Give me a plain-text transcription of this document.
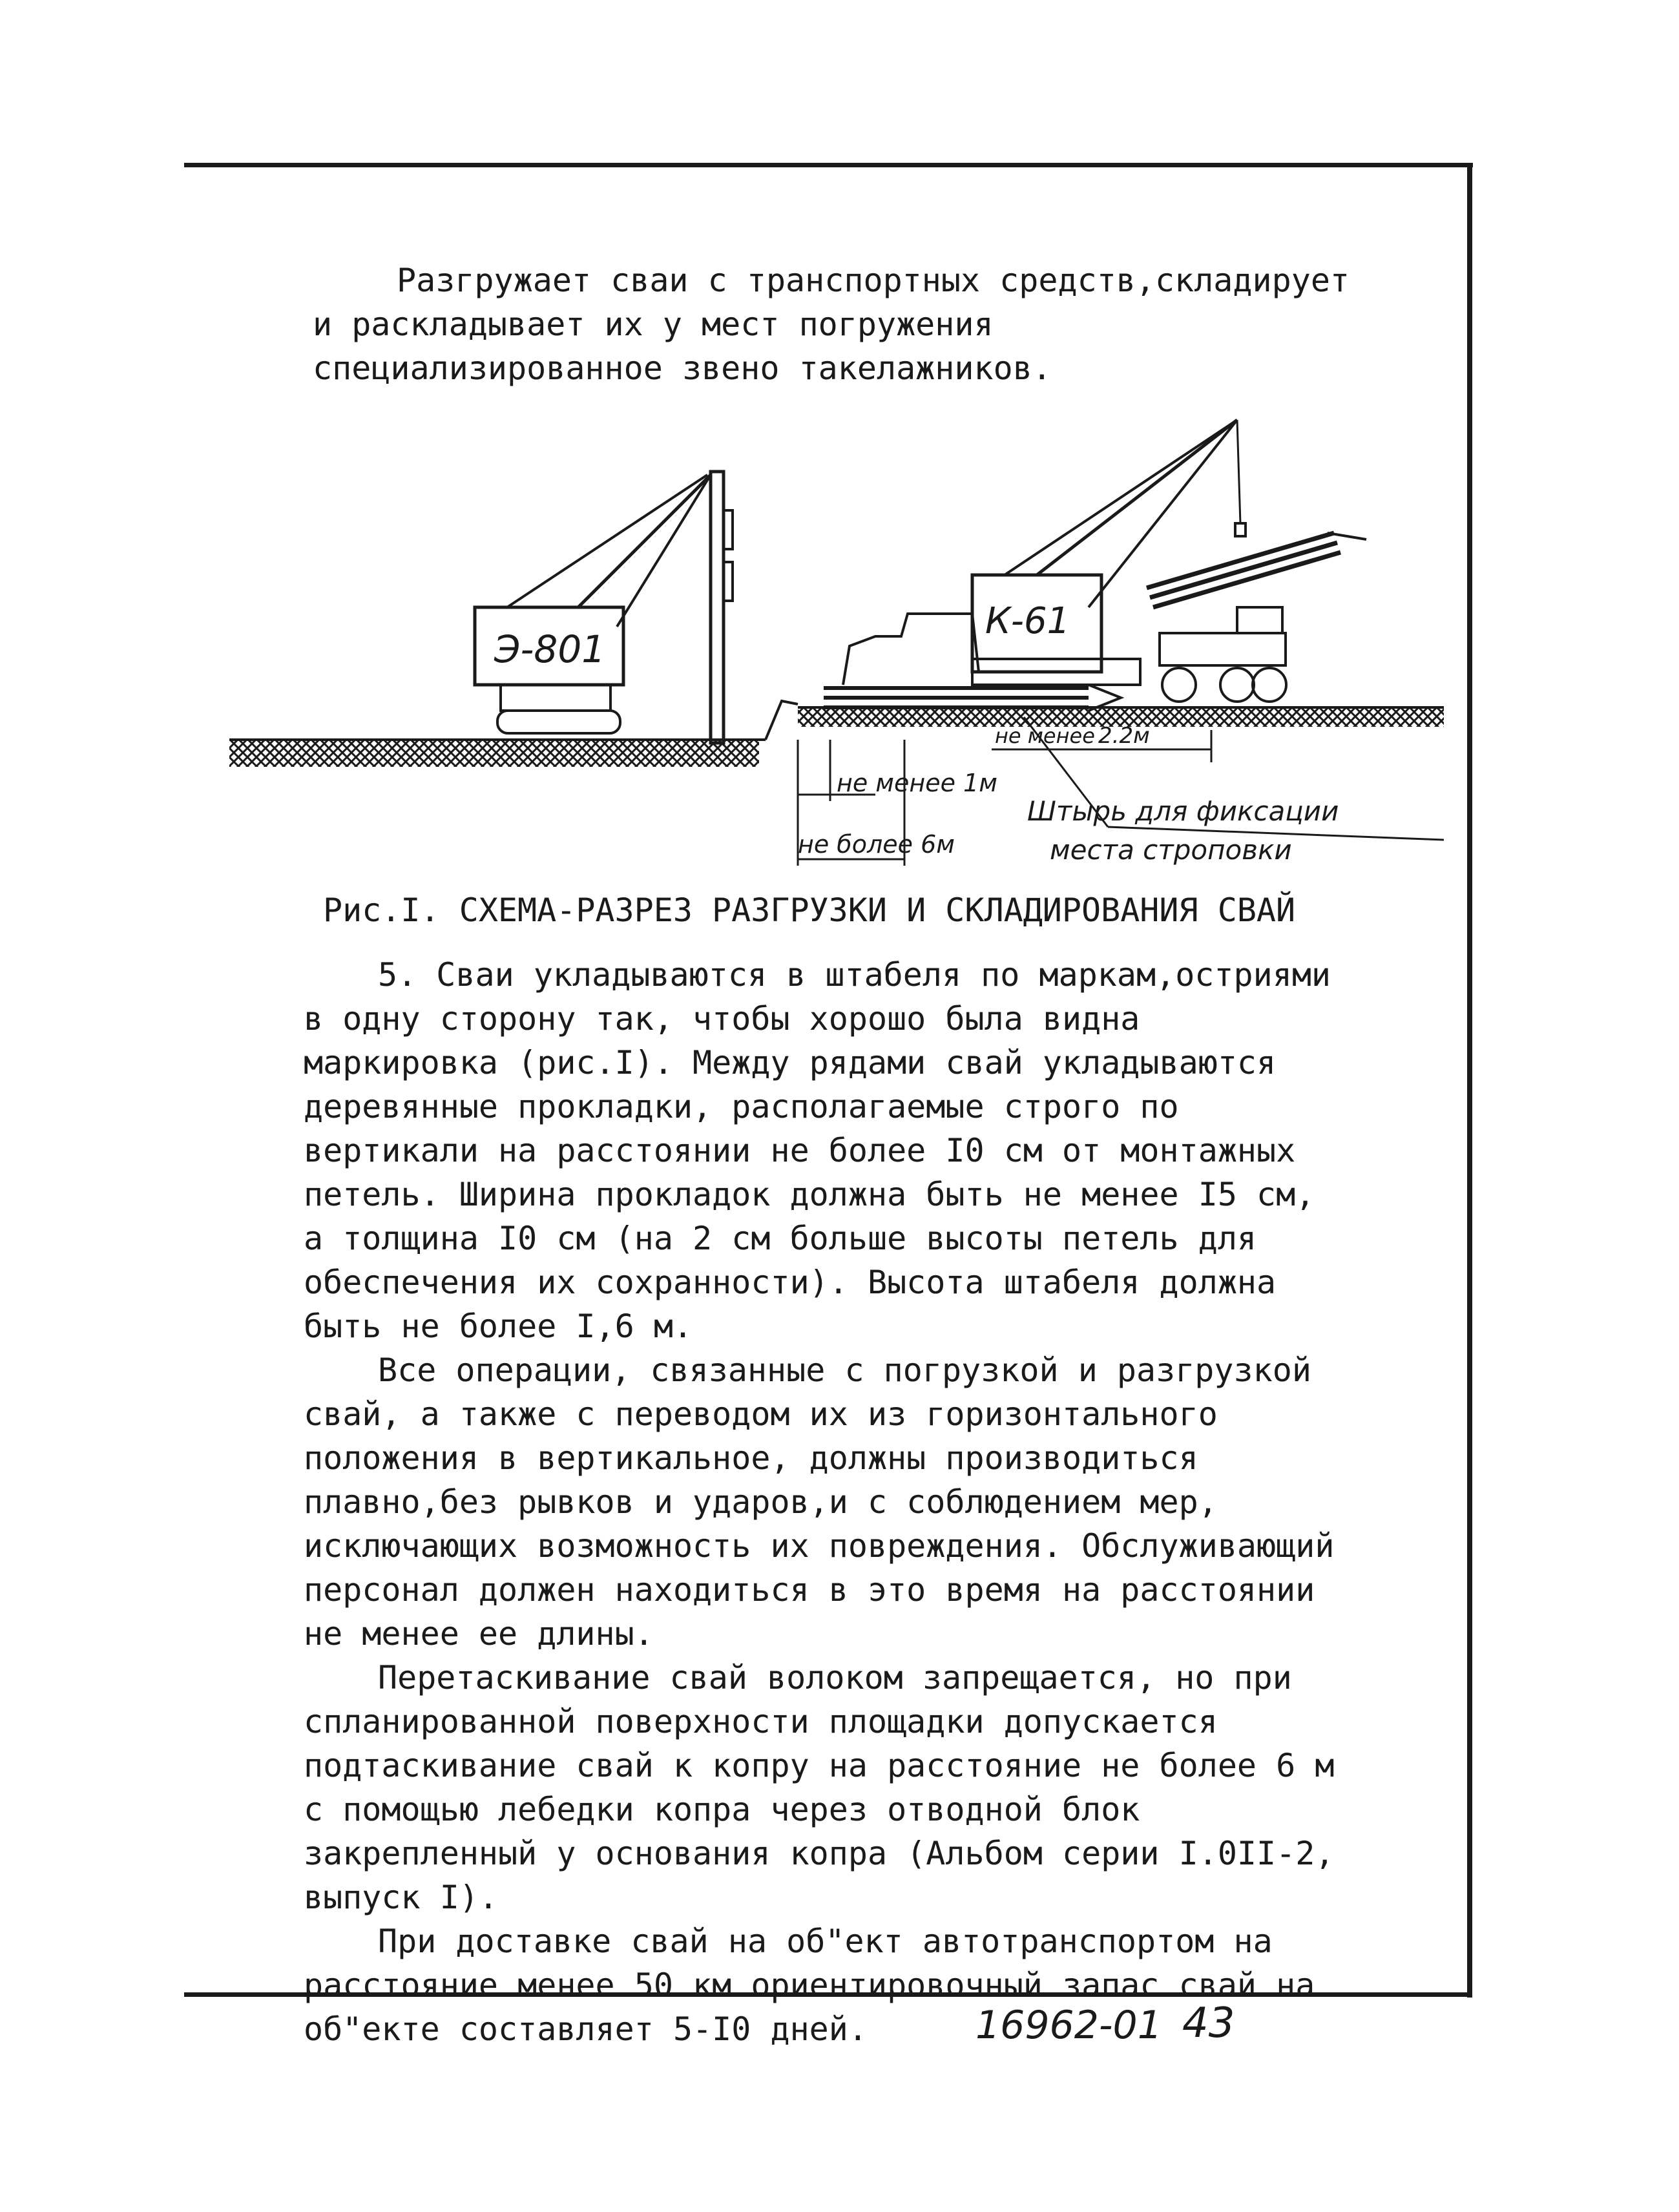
Разгружает сваи с транспортных средств,складирует и раскладывает их у мест погружения специализированное звено такелажников.

Э-801
К-61
не менее 2.2м
не менее 1м
не более 6м
Штырь для фиксации
места строповки
Рис.I. СХЕМА-РАЗРЕЗ РАЗГРУЗКИ И СКЛАДИРОВАНИЯ СВАЙ

5. Сваи укладываются в штабеля по маркам,остриями в одну сторону так, чтобы хорошо была видна маркировка (рис.I). Между рядами свай укладываются деревянные прокладки, располагаемые строго по вертикали на расстоянии не более I0 см от монтажных петель. Ширина прокладок должна быть не менее I5 см, а толщина I0 см (на 2 см больше высоты петель для обеспечения их сохранности). Высота штабеля должна быть не более I,6 м.

Все операции, связанные с погрузкой и разгрузкой свай, а также с переводом их из горизонтального положения в вертикальное, должны производиться плавно,без рывков и ударов,и с соблюдением мер, исключающих возможность их повреждения. Обслуживающий персонал должен находиться в это время на расстоянии не менее ее длины.

Перетаскивание свай волоком запрещается, но при спланированной поверхности площадки допускается подтаскивание свай к копру на расстояние не более 6 м с помощью лебедки копра через отводной блок закрепленный у основания копра (Альбом серии I.0II-2, выпуск I).

При доставке свай на об"ект автотранспортом на расстояние менее 50 км ориентировочный запас свай на об"екте составляет 5-I0 дней.	16962-01 43
